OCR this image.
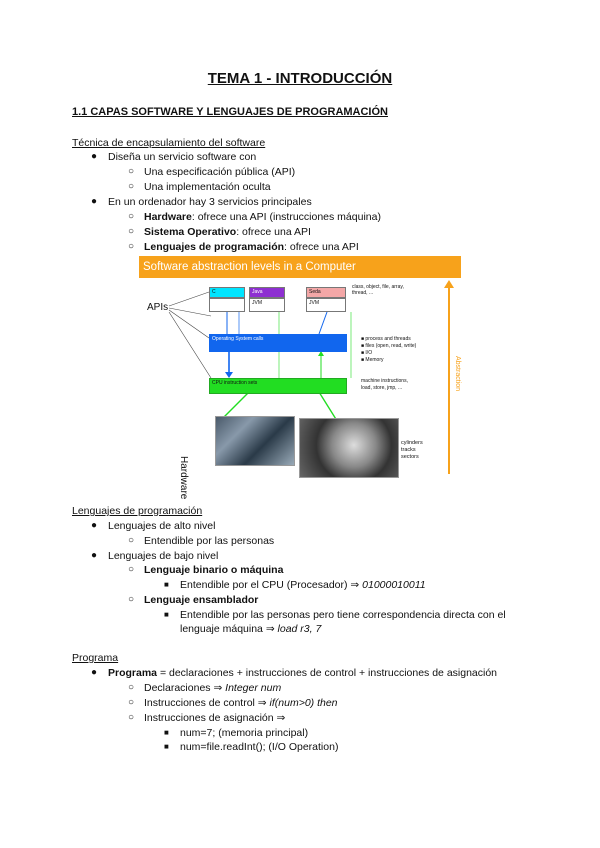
TEMA 1 - INTRODUCCIÓN
1.1 CAPAS SOFTWARE Y LENGUAJES DE PROGRAMACIÓN
Técnica de encapsulamiento del software
● Diseña un servicio software con
○ Una especificación pública (API)
○ Una implementación oculta
● En un ordenador hay 3 servicios principales
○ Hardware: ofrece una API (instrucciones máquina)
○ Sistema Operativo: ofrece una API
○ Lenguajes de programación: ofrece una API
Software abstraction levels in a Computer
APIs
C	Java
JVM
Seda
JVM
class, object, file, array, thread, ...
Operating System calls	■ process and threads
■ files (open, read, write)
■ I/O
■ Memory
CPU instruction sets	machine instructions, load, store, jmp, ...
Hardware
Abstraction
cylinders
tracks
sectors
Lenguajes de programación
● Lenguajes de alto nivel
○ Entendible por las personas
● Lenguajes de bajo nivel
○ Lenguaje binario o máquina
■ Entendible por el CPU (Procesador) ⇒ 01000010011
○ Lenguaje ensamblador
■ Entendible por las personas pero tiene correspondencia directa con el
lenguaje máquina ⇒ load r3, 7
Programa
● Programa = declaraciones + instrucciones de control + instrucciones de asignación
○ Declaraciones ⇒ Integer num
○ Instrucciones de control ⇒ if(num>0) then
○ Instrucciones de asignación ⇒
■ num=7; (memoria principal)
■ num=file.readInt(); (I/O Operation)
